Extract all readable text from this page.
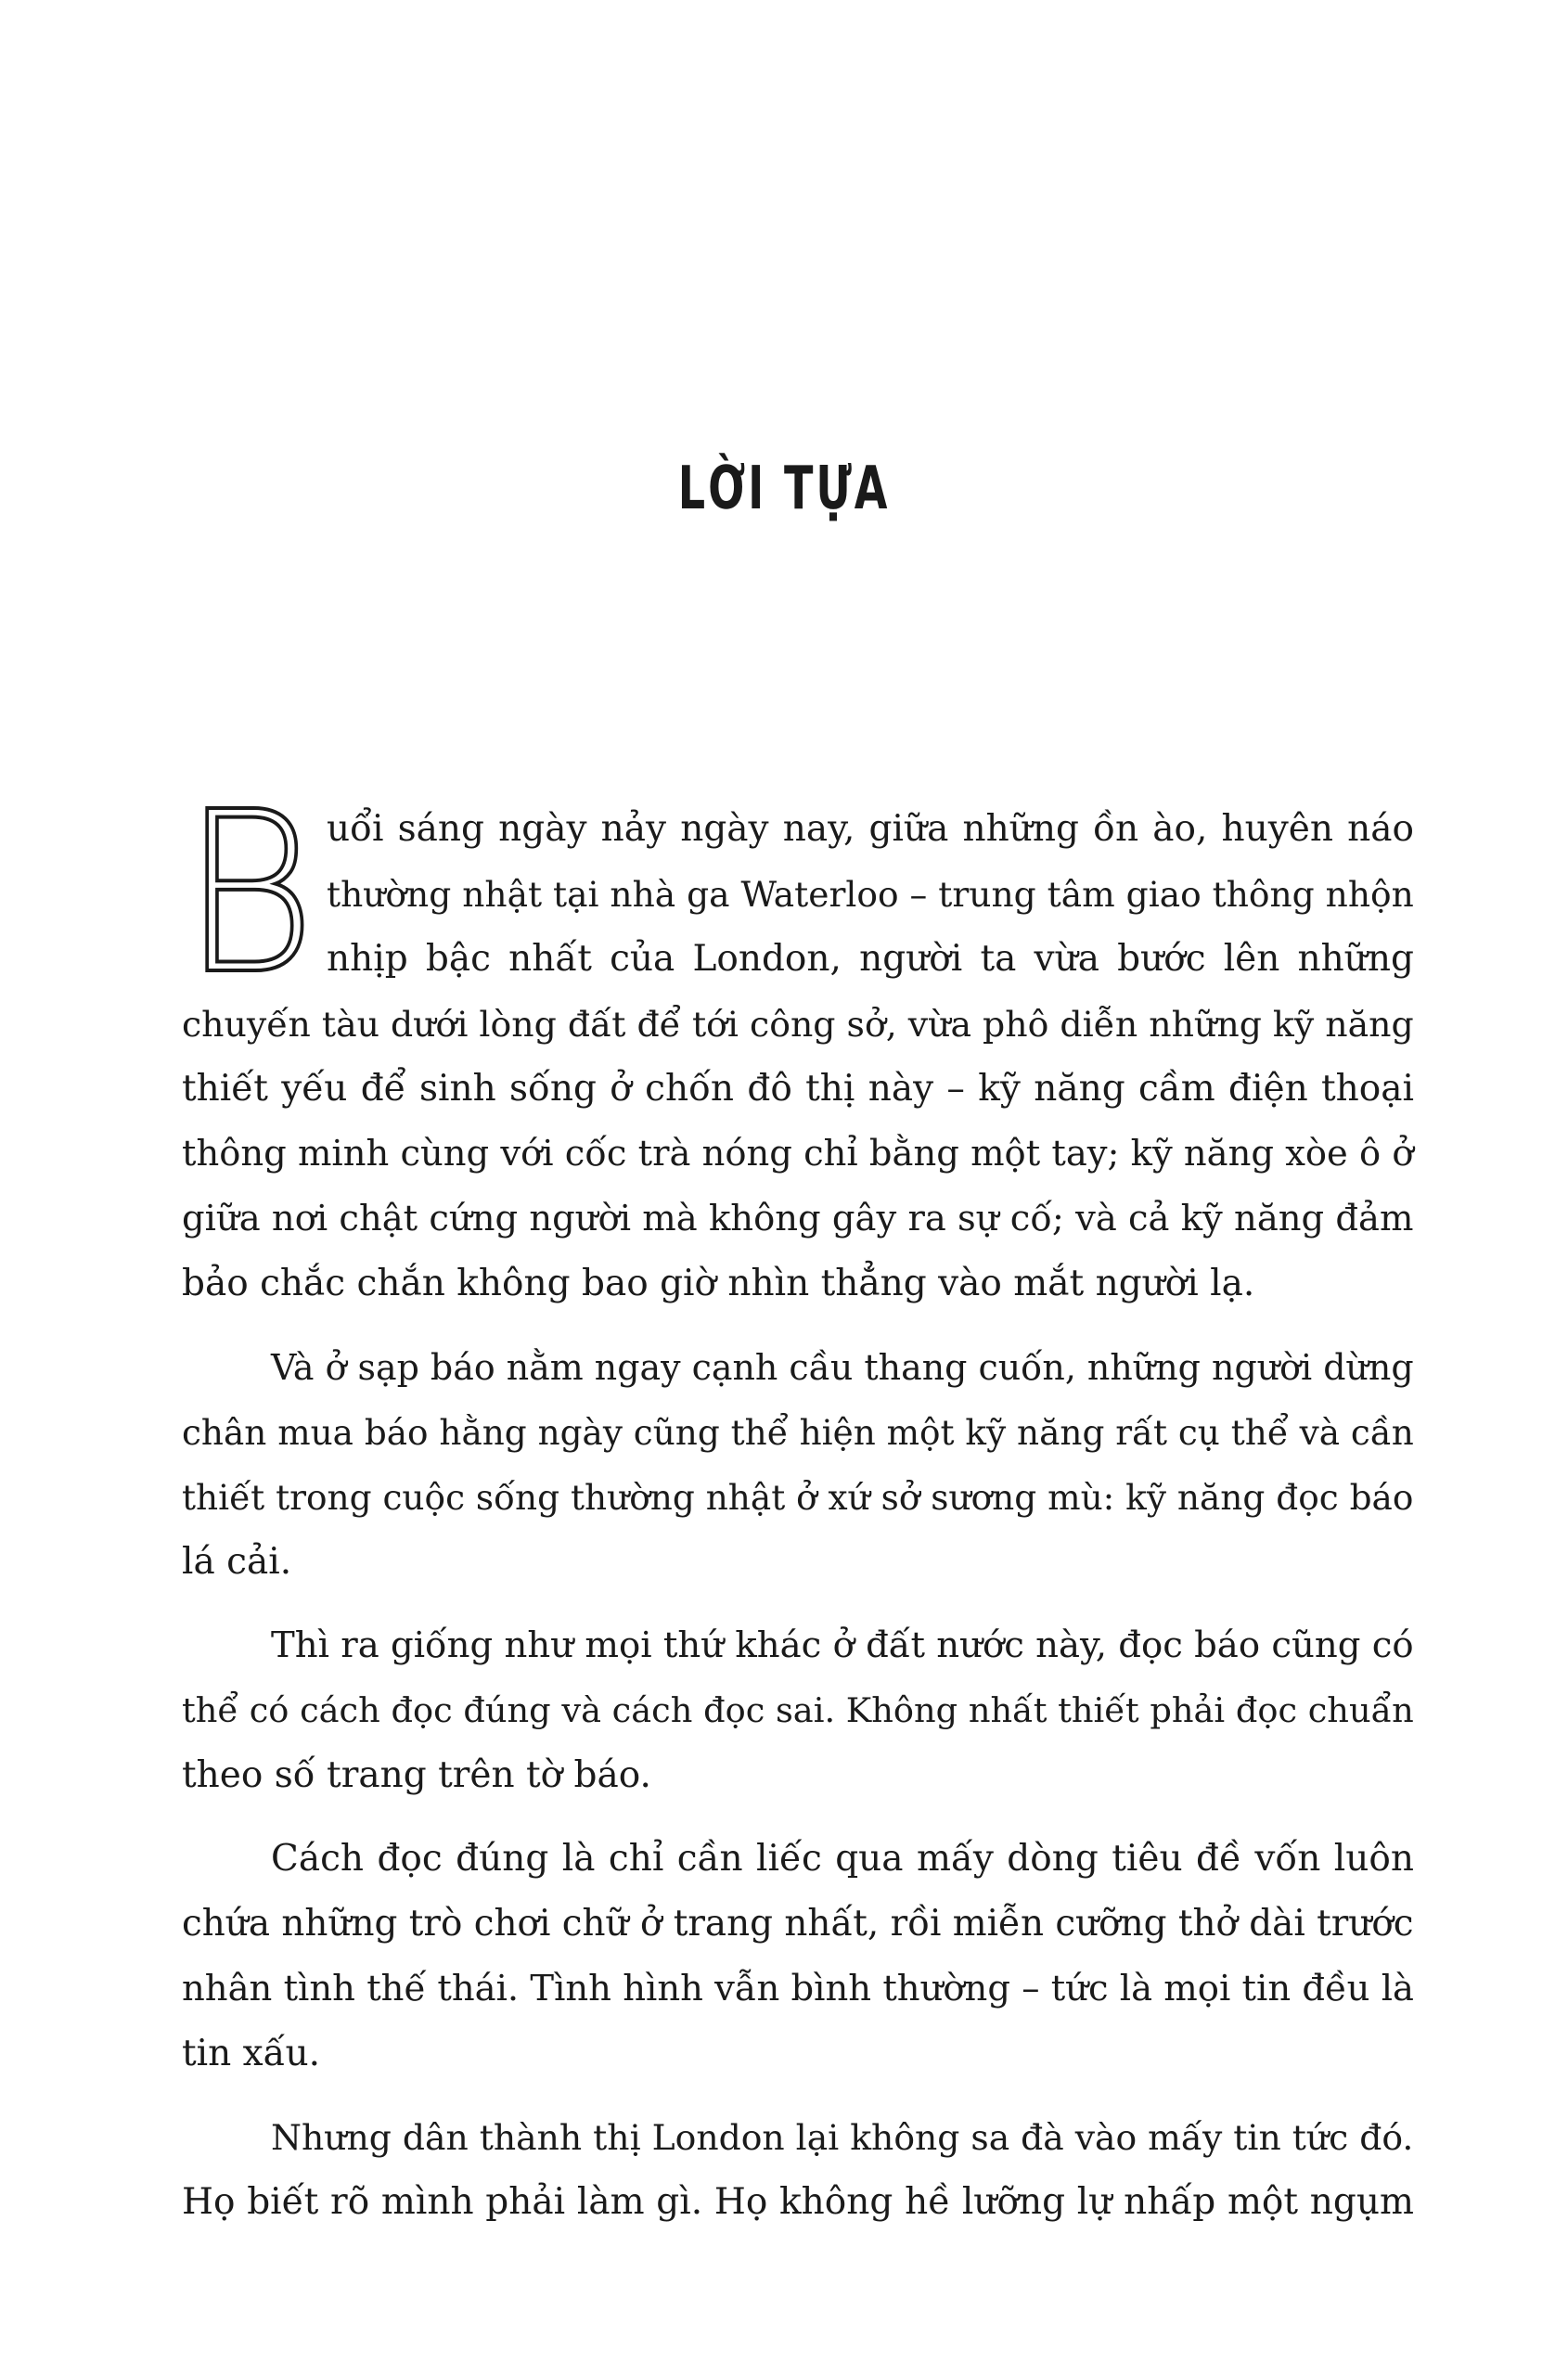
LỜI TỰA
B uổi sáng ngày nảy ngày nay, giữa những ồn ào, huyên náo
thường nhật tại nhà ga Waterloo – trung tâm giao thông nhộn
nhịp bậc nhất của London, người ta vừa bước lên những
chuyến tàu dưới lòng đất để tới công sở, vừa phô diễn những kỹ năng
thiết yếu để sinh sống ở chốn đô thị này – kỹ năng cầm điện thoại
thông minh cùng với cốc trà nóng chỉ bằng một tay; kỹ năng xòe ô ở
giữa nơi chật cứng người mà không gây ra sự cố; và cả kỹ năng đảm
bảo chắc chắn không bao giờ nhìn thẳng vào mắt người lạ.
Và ở sạp báo nằm ngay cạnh cầu thang cuốn, những người dừng
chân mua báo hằng ngày cũng thể hiện một kỹ năng rất cụ thể và cần
thiết trong cuộc sống thường nhật ở xứ sở sương mù: kỹ năng đọc báo
lá cải.
Thì ra giống như mọi thứ khác ở đất nước này, đọc báo cũng có
thể có cách đọc đúng và cách đọc sai. Không nhất thiết phải đọc chuẩn
theo số trang trên tờ báo.
Cách đọc đúng là chỉ cần liếc qua mấy dòng tiêu đề vốn luôn
chứa những trò chơi chữ ở trang nhất, rồi miễn cưỡng thở dài trước
nhân tình thế thái. Tình hình vẫn bình thường – tức là mọi tin đều là
tin xấu.
Nhưng dân thành thị London lại không sa đà vào mấy tin tức đó.
Họ biết rõ mình phải làm gì. Họ không hề lưỡng lự nhấp một ngụm
